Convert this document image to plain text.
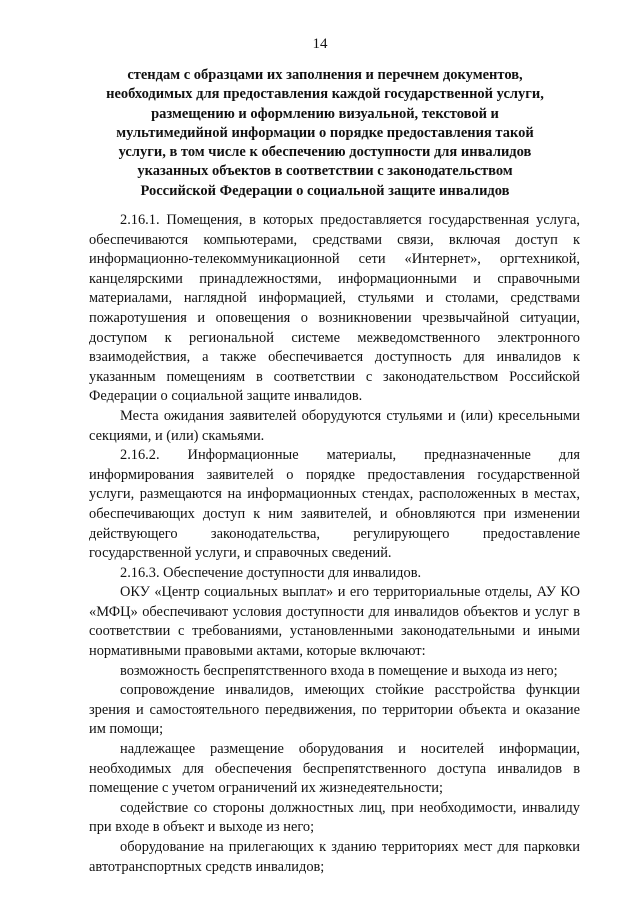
14
стендам с образцами их заполнения и перечнем документов, необходимых для предоставления каждой государственной услуги, размещению и оформлению визуальной, текстовой и мультимедийной информации о порядке предоставления такой услуги, в том числе к обеспечению доступности для инвалидов указанных объектов в соответствии с законодательством Российской Федерации о социальной защите инвалидов

2.16.1. Помещения, в которых предоставляется государственная услуга, обеспечиваются компьютерами, средствами связи, включая доступ к информационно-телекоммуникационной сети «Интернет», оргтехникой, канцелярскими принадлежностями, информационными и справочными материалами, наглядной информацией, стульями и столами, средствами пожаротушения и оповещения о возникновении чрезвычайной ситуации, доступом к региональной системе межведомственного электронного взаимодействия, а также обеспечивается доступность для инвалидов к указанным помещениям в соответствии с законодательством Российской Федерации о социальной защите инвалидов.

Места ожидания заявителей оборудуются стульями и (или) кресельными секциями, и (или) скамьями.

2.16.2. Информационные материалы, предназначенные для информирования заявителей о порядке предоставления государственной услуги, размещаются на информационных стендах, расположенных в местах, обеспечивающих доступ к ним заявителей, и обновляются при изменении действующего законодательства, регулирующего предоставление государственной услуги, и справочных сведений.

2.16.3. Обеспечение доступности для инвалидов.

ОКУ «Центр социальных выплат» и его территориальные отделы, АУ КО «МФЦ» обеспечивают условия доступности для инвалидов объектов и услуг в соответствии с требованиями, установленными законодательными и иными нормативными правовыми актами, которые включают:

возможность беспрепятственного входа в помещение и выхода из него;

сопровождение инвалидов, имеющих стойкие расстройства функции зрения и самостоятельного передвижения, по территории объекта и оказание им помощи;

надлежащее размещение оборудования и носителей информации, необходимых для обеспечения беспрепятственного доступа инвалидов в помещение с учетом ограничений их жизнедеятельности;

содействие со стороны должностных лиц, при необходимости, инвалиду при входе в объект и выходе из него;

оборудование на прилегающих к зданию территориях мест для парковки автотранспортных средств инвалидов;
